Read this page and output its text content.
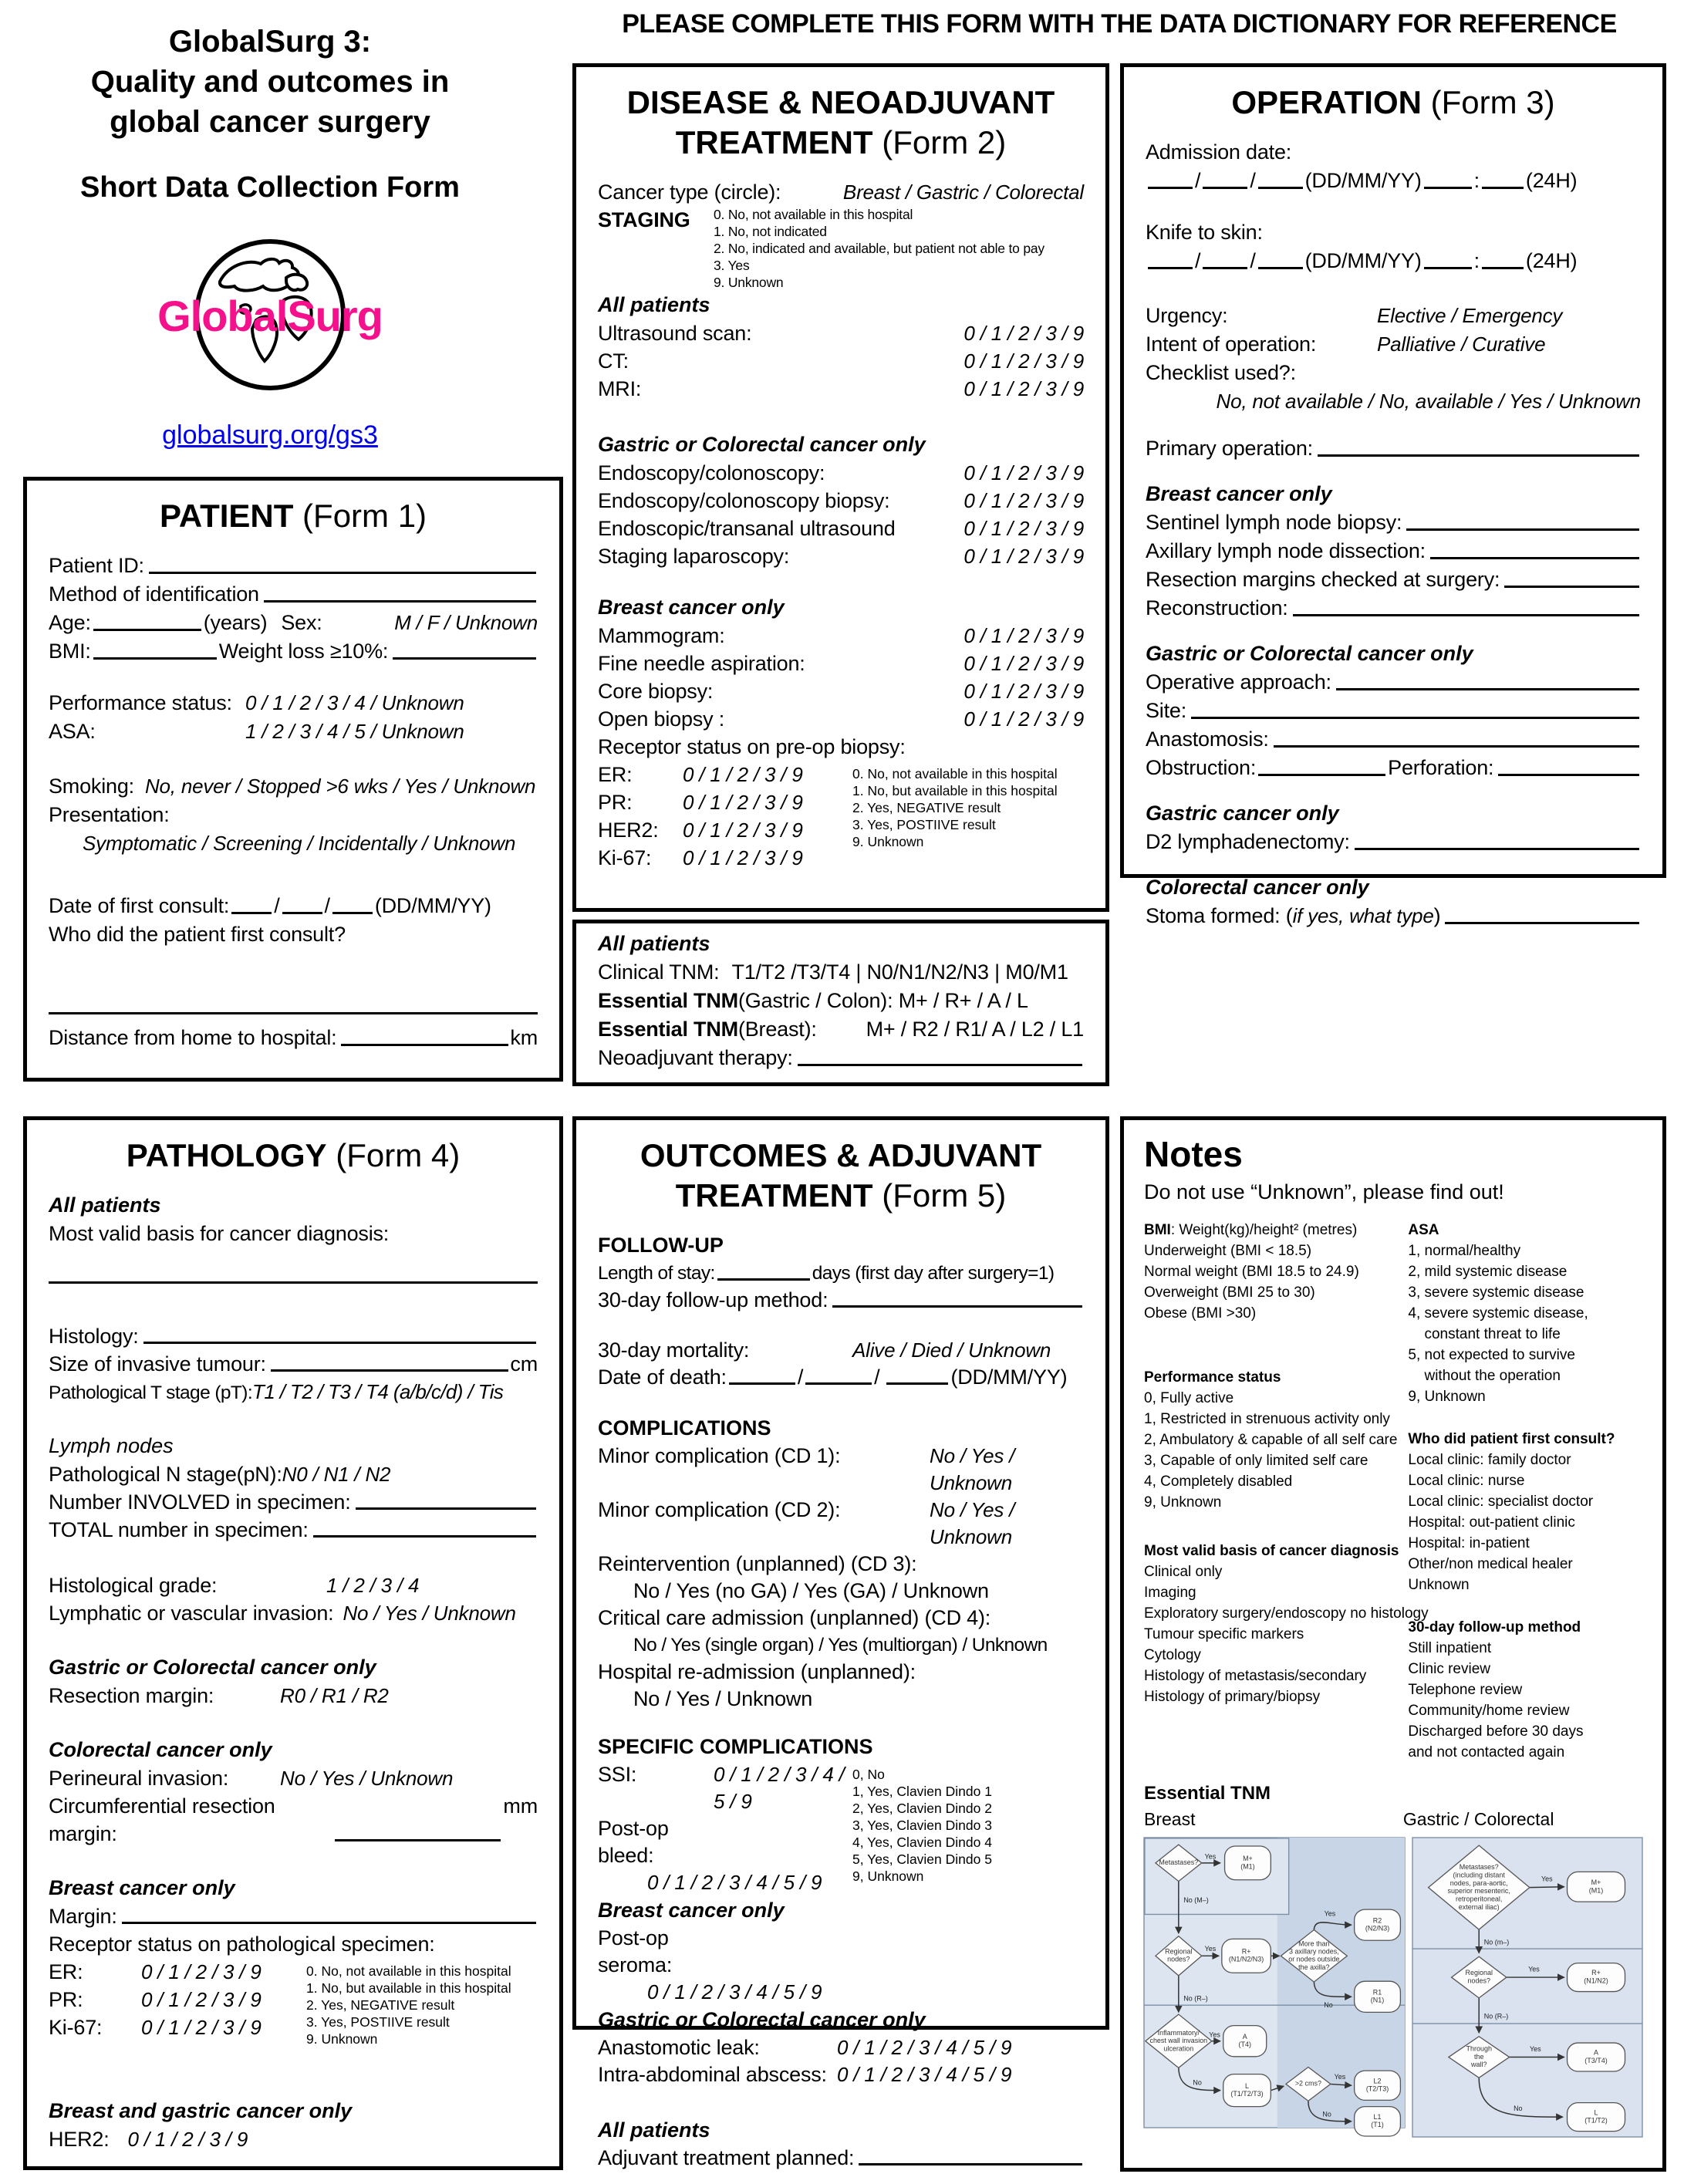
PLEASE COMPLETE THIS FORM WITH THE DATA DICTIONARY FOR REFERENCE
GlobalSurg 3:
Quality and outcomes in
global cancer surgery
Short Data Collection Form
GlobalSurg

globalsurg.org/gs3
PATIENT (Form 1)
Patient ID:
Method of identification
Age:	(years) Sex:	M / F / Unknown
BMI:	Weight loss ≥10%:
Performance status: 0 / 1 / 2 / 3 / 4 / Unknown
ASA:	1 / 2 / 3 / 4 / 5 / Unknown
Smoking: No, never / Stopped >6 wks / Yes / Unknown
Presentation:
Symptomatic / Screening / Incidentally / Unknown
Date of first consult: / / (DD/MM/YY)
Who did the patient first consult?
Distance from home to hospital:	km
DISEASE & NEOADJUVANT
TREATMENT (Form 2)
Cancer type (circle):	Breast / Gastric / Colorectal
STAGING	0. No, not available in this hospital
1. No, not indicated
2. No, indicated and available, but patient not able to pay
3. Yes
9. Unknown
All patients
Ultrasound scan:	0 / 1 / 2 / 3 / 9
CT:	0 / 1 / 2 / 3 / 9
MRI:	0 / 1 / 2 / 3 / 9
Gastric or Colorectal cancer only
Endoscopy/colonoscopy:	0 / 1 / 2 / 3 / 9
Endoscopy/colonoscopy biopsy:	0 / 1 / 2 / 3 / 9
Endoscopic/transanal ultrasound	0 / 1 / 2 / 3 / 9
Staging laparoscopy:	0 / 1 / 2 / 3 / 9
Breast cancer only
Mammogram:	0 / 1 / 2 / 3 / 9
Fine needle aspiration:	0 / 1 / 2 / 3 / 9
Core biopsy:	0 / 1 / 2 / 3 / 9
Open biopsy :	0 / 1 / 2 / 3 / 9
Receptor status on pre-op biopsy:
ER:	0 / 1 / 2 / 3 / 9
PR:	0 / 1 / 2 / 3 / 9
HER2:	0 / 1 / 2 / 3 / 9
Ki-67:	0 / 1 / 2 / 3 / 9
0. No, not available in this hospital
1. No, but available in this hospital
2. Yes, NEGATIVE result
3. Yes, POSTIIVE result
9. Unknown
All patients
Clinical TNM: T1/T2 /T3/T4 | N0/N1/N2/N3 | M0/M1
Essential TNM (Gastric / Colon): M+ / R+ / A / L
Essential TNM (Breast): M+ / R2 / R1/ A / L2 / L1
Neoadjuvant therapy:
OPERATION (Form 3)
Admission date:
/ / (DD/MM/YY)	: (24H)
Knife to skin:
/ / (DD/MM/YY)	: (24H)
Urgency:	Elective / Emergency
Intent of operation:	Palliative / Curative
Checklist used?:
No, not available / No, available / Yes / Unknown
Primary operation:
Breast cancer only
Sentinel lymph node biopsy:
Axillary lymph node dissection:
Resection margins checked at surgery:
Reconstruction:
Gastric or Colorectal cancer only
Operative approach:
Site:
Anastomosis:
Obstruction:	Perforation:
Gastric cancer only
D2 lymphadenectomy:
Colorectal cancer only
Stoma formed: ( if yes, what type )
PATHOLOGY (Form 4)
All patients
Most valid basis for cancer diagnosis:
Histology:
Size of invasive tumour:	cm
Pathological T stage (pT): T1 / T2 / T3 / T4 (a/b/c/d) / Tis
Lymph nodes
Pathological N stage(pN): N0 / N1 / N2
Number INVOLVED in specimen:
TOTAL number in specimen:
Histological grade:	1 / 2 / 3 / 4
Lymphatic or vascular invasion: No / Yes / Unknown
Gastric or Colorectal cancer only
Resection margin:	R0 / R1 / R2
Colorectal cancer only
Perineural invasion:	No / Yes / Unknown
Circumferential resection margin:
mm
Breast cancer only
Margin:
Receptor status on pathological specimen:
ER:	0 / 1 / 2 / 3 / 9
PR:	0 / 1 / 2 / 3 / 9
Ki-67:	0 / 1 / 2 / 3 / 9
0. No, not available in this hospital
1. No, but available in this hospital
2. Yes, NEGATIVE result
3. Yes, POSTIIVE result
9. Unknown
Breast and gastric cancer only
HER2: 0 / 1 / 2 / 3 / 9
OUTCOMES & ADJUVANT
TREATMENT (Form 5)
FOLLOW-UP
Length of stay:	days (first day after surgery=1)
30-day follow-up method:
30-day mortality:	Alive / Died / Unknown
Date of death:	/	/	(DD/MM/YY)
COMPLICATIONS
Minor complication (CD 1):	No / Yes / Unknown
Minor complication (CD 2):	No / Yes / Unknown
Reintervention (unplanned) (CD 3):
No / Yes (no GA) / Yes (GA) / Unknown
Critical care admission (unplanned) (CD 4):
No / Yes (single organ) / Yes (multiorgan) / Unknown
Hospital re-admission (unplanned):
No / Yes / Unknown
SPECIFIC COMPLICATIONS
SSI:	0 / 1 / 2 / 3 / 4 / 5 / 9
Post-op bleed:
0 / 1 / 2 / 3 / 4 / 5 / 9
Breast cancer only
Post-op seroma:
0 / 1 / 2 / 3 / 4 / 5 / 9
0, No
1, Yes, Clavien Dindo 1
2, Yes, Clavien Dindo 2
3, Yes, Clavien Dindo 3
4, Yes, Clavien Dindo 4
5, Yes, Clavien Dindo 5
9, Unknown
Gastric or Colorectal cancer only
Anastomotic leak:	0 / 1 / 2 / 3 / 4 / 5 / 9
Intra-abdominal abscess: 0 / 1 / 2 / 3 / 4 / 5 / 9
All patients
Adjuvant treatment planned:
Notes
Do not use “Unknown”, please find out!
BMI: Weight(kg)/height² (metres)
Underweight (BMI < 18.5)
Normal weight (BMI 18.5 to 24.9)
Overweight (BMI 25 to 30)
Obese (BMI >30)
Performance status
0, Fully active
1, Restricted in strenuous activity only
2, Ambulatory & capable of all self care
3, Capable of only limited self care
4, Completely disabled
9, Unknown
Most valid basis of cancer diagnosis
Clinical only
Imaging
Exploratory surgery/endoscopy no histology
Tumour specific markers
Cytology
Histology of metastasis/secondary
Histology of primary/biopsy
ASA
1, normal/healthy
2, mild systemic disease
3, severe systemic disease
4, severe systemic disease,
constant threat to life
5, not expected to survive
without the operation
9, Unknown
Who did patient first consult?
Local clinic: family doctor
Local clinic: nurse
Local clinic: specialist doctor
Hospital: out-patient clinic
Hospital: in-patient
Other/non medical healer
Unknown
30-day follow-up method
Still inpatient
Clinic review
Telephone review
Community/home review
Discharged before 30 days
and not contacted again
Essential TNM
Breast	Gastric / Colorectal
Yes
No (M–)
Yes
Yes
No
No (R–)
Yes
No
Yes
No
Metastases?
M+ (M1)
Regional nodes?
R+ (N1/N2/N3)
More than 3 axillary nodes, or nodes outside the axilla?
R2 (N2/N3)
R1 (N1)
Inflammatory/ chest wall invasion ulceration
A (T4)
L (T1/T2/T3)
>2 cms?	L2 (T2/T3)
L1 (T1)
Yes
No (m–)
Yes
No (R–)
Yes
No
Metastases? (including distant nodes, para-aortic, superior mesenteric, retroperitoneal, external iliac)
M+ (M1)
Regional nodes?
R+ (N1/N2)
Through the wall?
A (T3/T4)
L (T1/T2)
